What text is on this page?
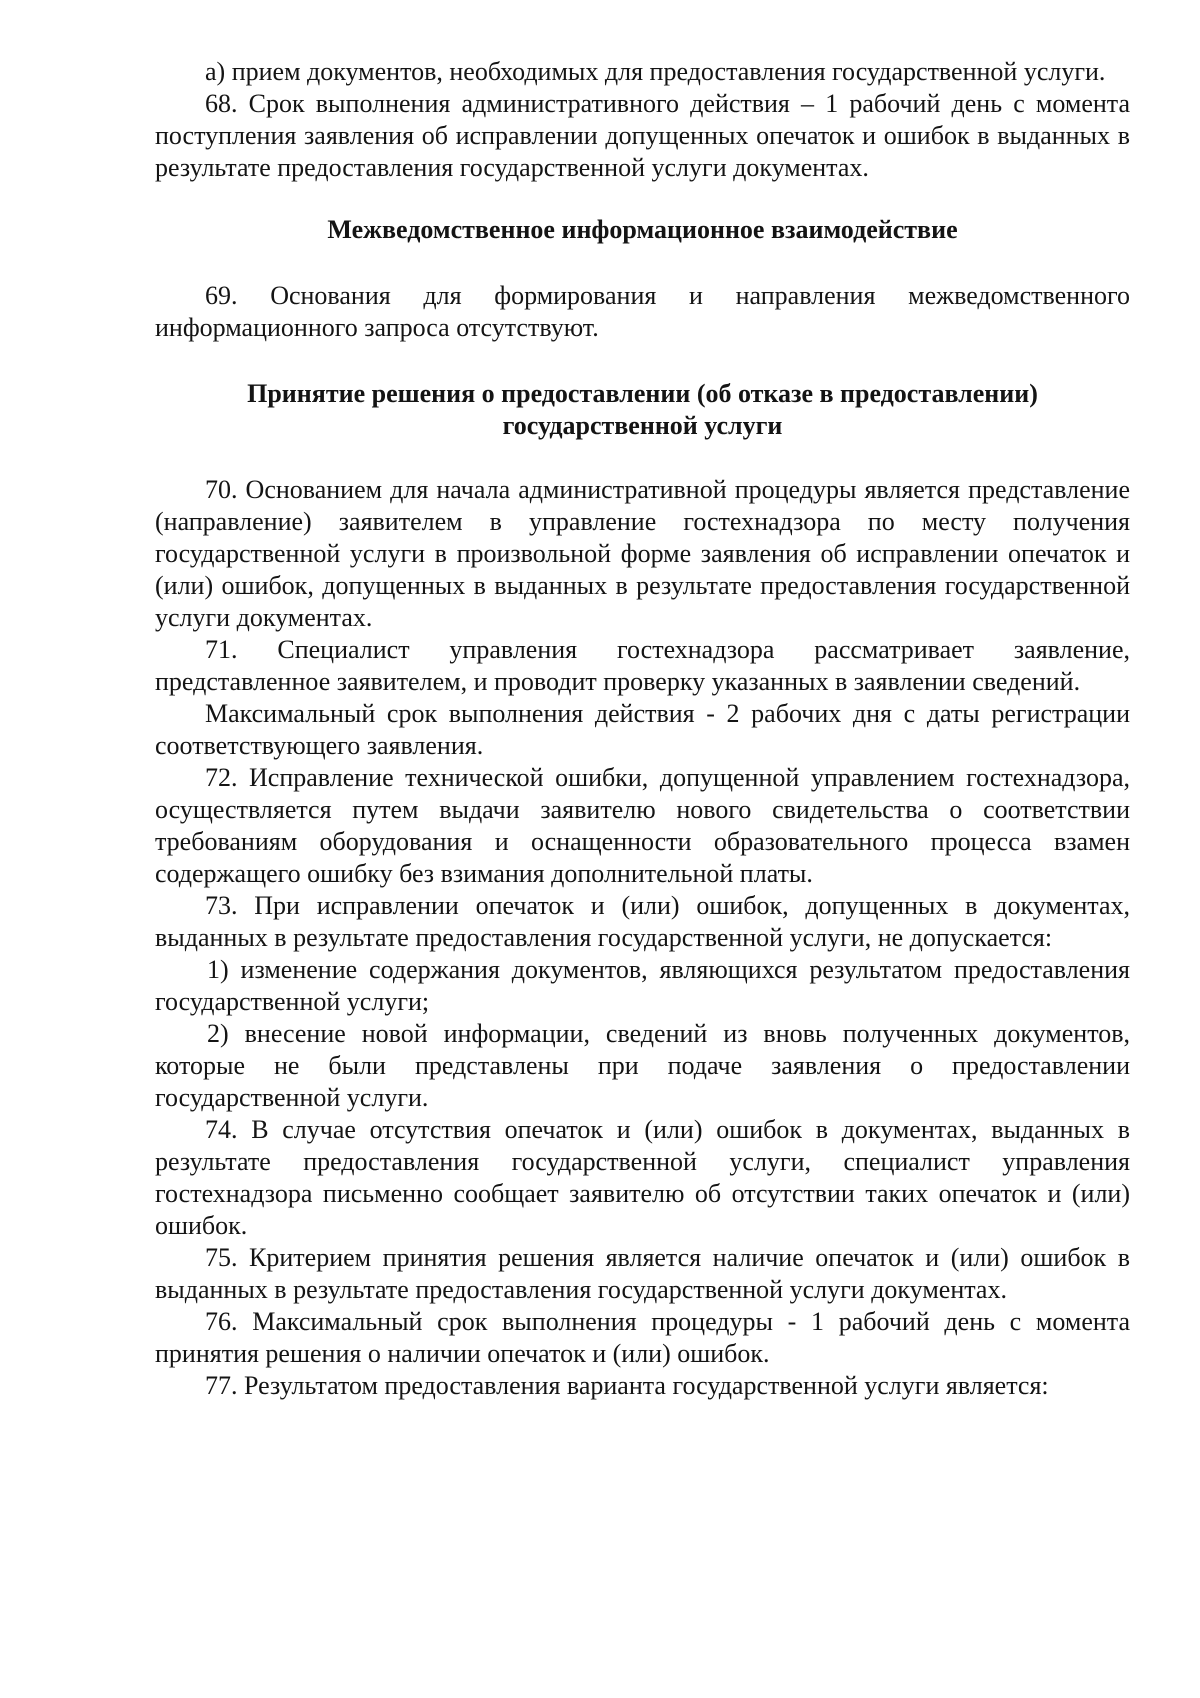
а) прием документов, необходимых для предоставления государственной услуги.

68. Срок выполнения административного действия – 1 рабочий день с момента поступления заявления об исправлении допущенных опечаток и ошибок в выданных в результате предоставления государственной услуги документах.

Межведомственное информационное взаимодействие

69. Основания для формирования и направления межведомственного информационного запроса отсутствуют.

Принятие решения о предоставлении (об отказе в предоставлении) государственной услуги

70. Основанием для начала административной процедуры является представление (направление) заявителем в управление гостехнадзора по месту получения государственной услуги в произвольной форме заявления об исправлении опечаток и (или) ошибок, допущенных в выданных в результате предоставления государственной услуги документах.

71. Специалист управления гостехнадзора рассматривает заявление, представленное заявителем, и проводит проверку указанных в заявлении сведений.

Максимальный срок выполнения действия - 2 рабочих дня с даты регистрации соответствующего заявления.

72. Исправление технической ошибки, допущенной управлением гостехнадзора, осуществляется путем выдачи заявителю нового свидетельства о соответствии требованиям оборудования и оснащенности образовательного процесса взамен содержащего ошибку без взимания дополнительной платы.

73. При исправлении опечаток и (или) ошибок, допущенных в документах, выданных в результате предоставления государственной услуги, не допускается:

1) изменение содержания документов, являющихся результатом предоставления государственной услуги;

2) внесение новой информации, сведений из вновь полученных документов, которые не были представлены при подаче заявления о предоставлении государственной услуги.

74. В случае отсутствия опечаток и (или) ошибок в документах, выданных в результате предоставления государственной услуги, специалист управления гостехнадзора письменно сообщает заявителю об отсутствии таких опечаток и (или) ошибок.

75. Критерием принятия решения является наличие опечаток и (или) ошибок в выданных в результате предоставления государственной услуги документах.

76. Максимальный срок выполнения процедуры - 1 рабочий день с момента принятия решения о наличии опечаток и (или) ошибок.

77. Результатом предоставления варианта государственной услуги является:
